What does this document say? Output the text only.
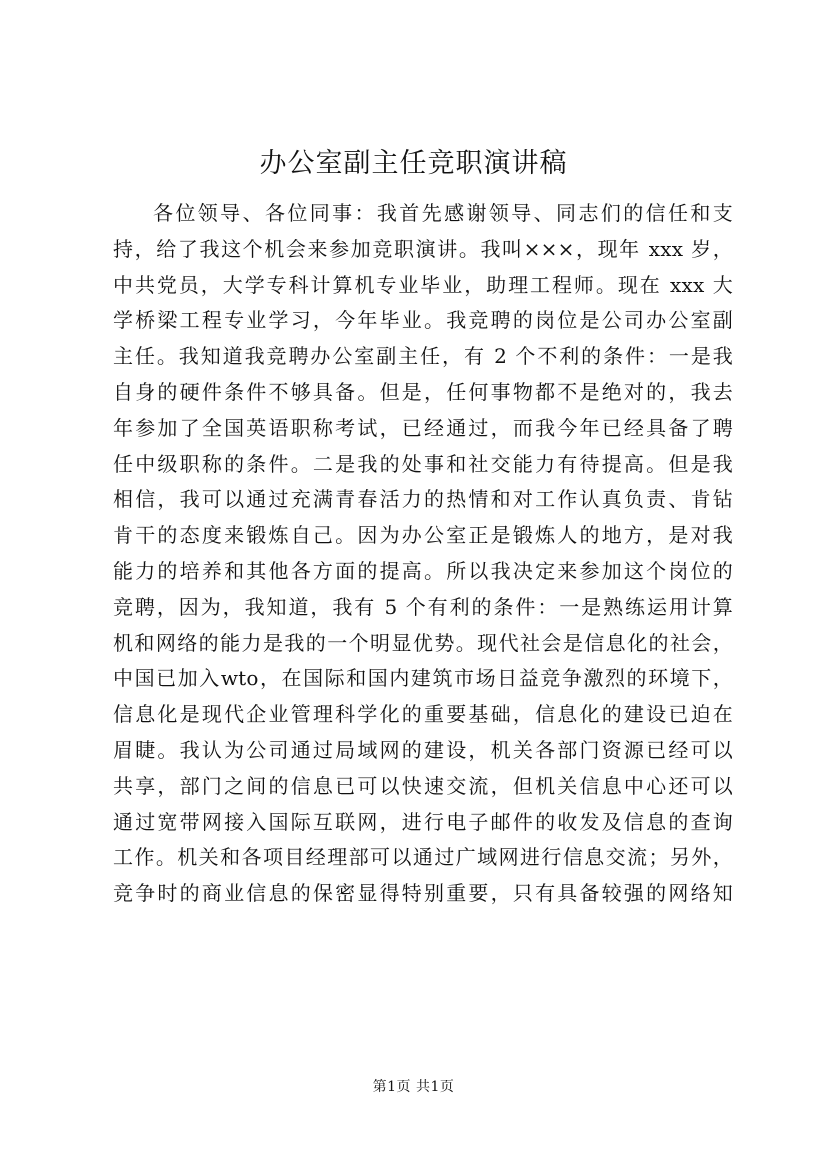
办公室副主任竞职演讲稿
各位领导、各位同事：我首先感谢领导、同志们的信任和支
持，给了我这个机会来参加竞职演讲。我叫×××，现年 xxx 岁，
中共党员，大学专科计算机专业毕业，助理工程师。现在 xxx 大
学桥梁工程专业学习，今年毕业。我竞聘的岗位是公司办公室副
主任。我知道我竞聘办公室副主任，有 2 个不利的条件：一是我
自身的硬件条件不够具备。但是，任何事物都不是绝对的，我去
年参加了全国英语职称考试，已经通过，而我今年已经具备了聘
任中级职称的条件。二是我的处事和社交能力有待提高。但是我
相信，我可以通过充满青春活力的热情和对工作认真负责、肯钻
肯干的态度来锻炼自己。因为办公室正是锻炼人的地方，是对我
能力的培养和其他各方面的提高。所以我决定来参加这个岗位的
竞聘，因为，我知道，我有 5 个有利的条件：一是熟练运用计算
机和网络的能力是我的一个明显优势。现代社会是信息化的社会，
中国已加入wto，在国际和国内建筑市场日益竞争激烈的环境下，
信息化是现代企业管理科学化的重要基础，信息化的建设已迫在
眉睫。我认为公司通过局域网的建设，机关各部门资源已经可以
共享，部门之间的信息已可以快速交流，但机关信息中心还可以
通过宽带网接入国际互联网，进行电子邮件的收发及信息的查询
工作。机关和各项目经理部可以通过广域网进行信息交流；另外，
竞争时的商业信息的保密显得特别重要，只有具备较强的网络知
第1页 共1页
